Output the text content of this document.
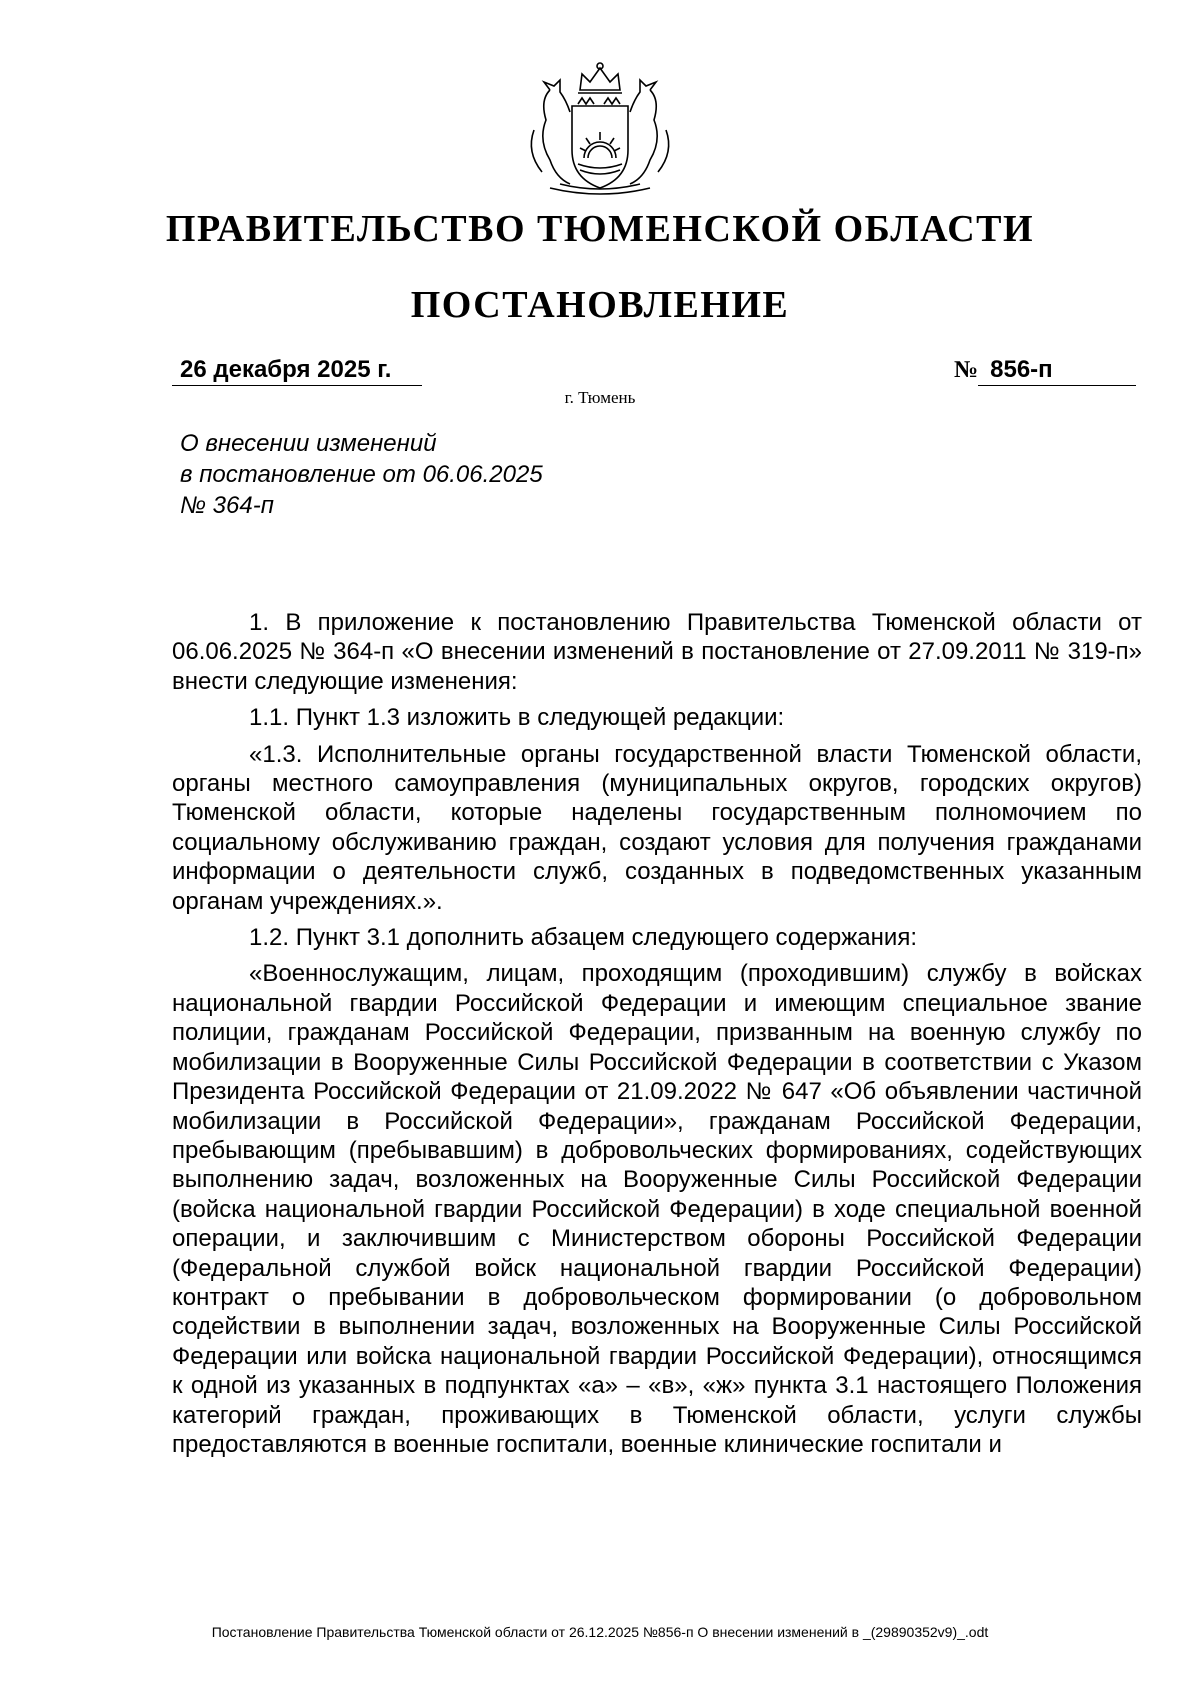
ПРАВИТЕЛЬСТВО ТЮМЕНСКОЙ ОБЛАСТИ
ПОСТАНОВЛЕНИЕ
26 декабря 2025 г.	№ 856-п
г. Тюмень
О внесении изменений
в постановление от 06.06.2025
№ 364-п

1. В приложение к постановлению Правительства Тюменской области от 06.06.2025 № 364-п «О внесении изменений в постановление от 27.09.2011 № 319-п» внести следующие изменения:

1.1. Пункт 1.3 изложить в следующей редакции:

«1.3. Исполнительные органы государственной власти Тюменской области, органы местного самоуправления (муниципальных округов, городских округов) Тюменской области, которые наделены государственным полномочием по социальному обслуживанию граждан, создают условия для получения гражданами информации о деятельности служб, созданных в подведомственных указанным органам учреждениях.».

1.2. Пункт 3.1 дополнить абзацем следующего содержания:

«Военнослужащим, лицам, проходящим (проходившим) службу в войсках национальной гвардии Российской Федерации и имеющим специальное звание полиции, гражданам Российской Федерации, призванным на военную службу по мобилизации в Вооруженные Силы Российской Федерации в соответствии с Указом Президента Российской Федерации от 21.09.2022 № 647 «Об объявлении частичной мобилизации в Российской Федерации», гражданам Российской Федерации, пребывающим (пребывавшим) в добровольческих формированиях, содействующих выполнению задач, возложенных на Вооруженные Силы Российской Федерации (войска национальной гвардии Российской Федерации) в ходе специальной военной операции, и заключившим с Министерством обороны Российской Федерации (Федеральной службой войск национальной гвардии Российской Федерации) контракт о пребывании в добровольческом формировании (о добровольном содействии в выполнении задач, возложенных на Вооруженные Силы Российской Федерации или войска национальной гвардии Российской Федерации), относящимся к одной из указанных в подпунктах «а» – «в», «ж» пункта 3.1 настоящего Положения категорий граждан, проживающих в Тюменской области, услуги службы предоставляются в военные госпитали, военные клинические госпитали и

Постановление Правительства Тюменской области от 26.12.2025 №856-п О внесении изменений в _(29890352v9)_.odt
